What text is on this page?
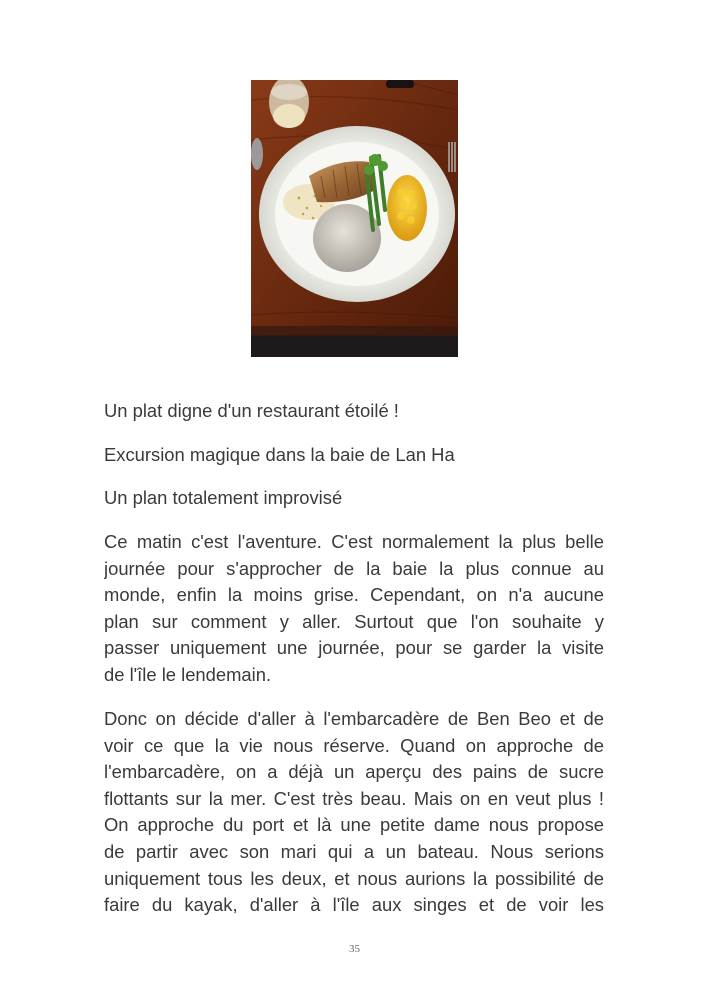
Un plat digne d'un restaurant étoilé !
Excursion magique dans la baie de Lan Ha
Un plan totalement improvisé
Ce matin c'est l'aventure. C'est normalement la plus belle
journée pour s'approcher de la baie la plus connue au
monde, enfin la moins grise. Cependant, on n'a aucune
plan sur comment y aller. Surtout que l'on souhaite y
passer uniquement une journée, pour se garder la visite
de l'île le lendemain.
Donc on décide d'aller à l'embarcadère de Ben Beo et de
voir ce que la vie nous réserve. Quand on approche de
l'embarcadère, on a déjà un aperçu des pains de sucre
flottants sur la mer. C'est très beau. Mais on en veut plus !
On approche du port et là une petite dame nous propose
de partir avec son mari qui a un bateau. Nous serions
uniquement tous les deux, et nous aurions la possibilité de
faire du kayak, d'aller à l'île aux singes et de voir les
35
